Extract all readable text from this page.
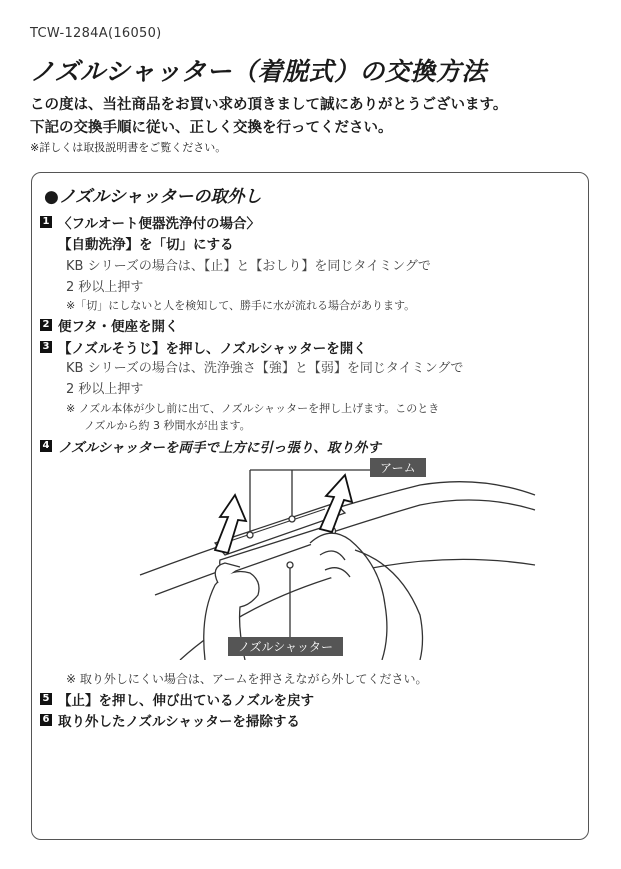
TCW-1284A(16050)
ノズルシャッター（着脱式）の交換方法
この度は、当社商品をお買い求め頂きまして誠にありがとうございます。
下記の交換手順に従い、正しく交換を行ってください。
※詳しくは取扱説明書をご覧ください。
●ノズルシャッターの取外し
1 〈フルオート便器洗浄付の場合〉
【自動洗浄】を「切」にする
KB シリーズの場合は、【止】と【おしり】を同じタイミングで
2 秒以上押す
※「切」にしないと人を検知して、勝手に水が流れる場合があります。
2 便フタ・便座を開く
3 【ノズルそうじ】を押し、ノズルシャッターを開く
KB シリーズの場合は、洗浄強さ【強】と【弱】を同じタイミングで
2 秒以上押す
※ ノズル本体が少し前に出て、ノズルシャッターを押し上げます。このとき
ノズルから約 3 秒間水が出ます。
4 ノズルシャッターを両手で上方に引っ張り、取り外す
アーム
ノズルシャッター
※ 取り外しにくい場合は、アームを押さえながら外してください。
5 【止】を押し、伸び出ているノズルを戻す
6 取り外したノズルシャッターを掃除する
